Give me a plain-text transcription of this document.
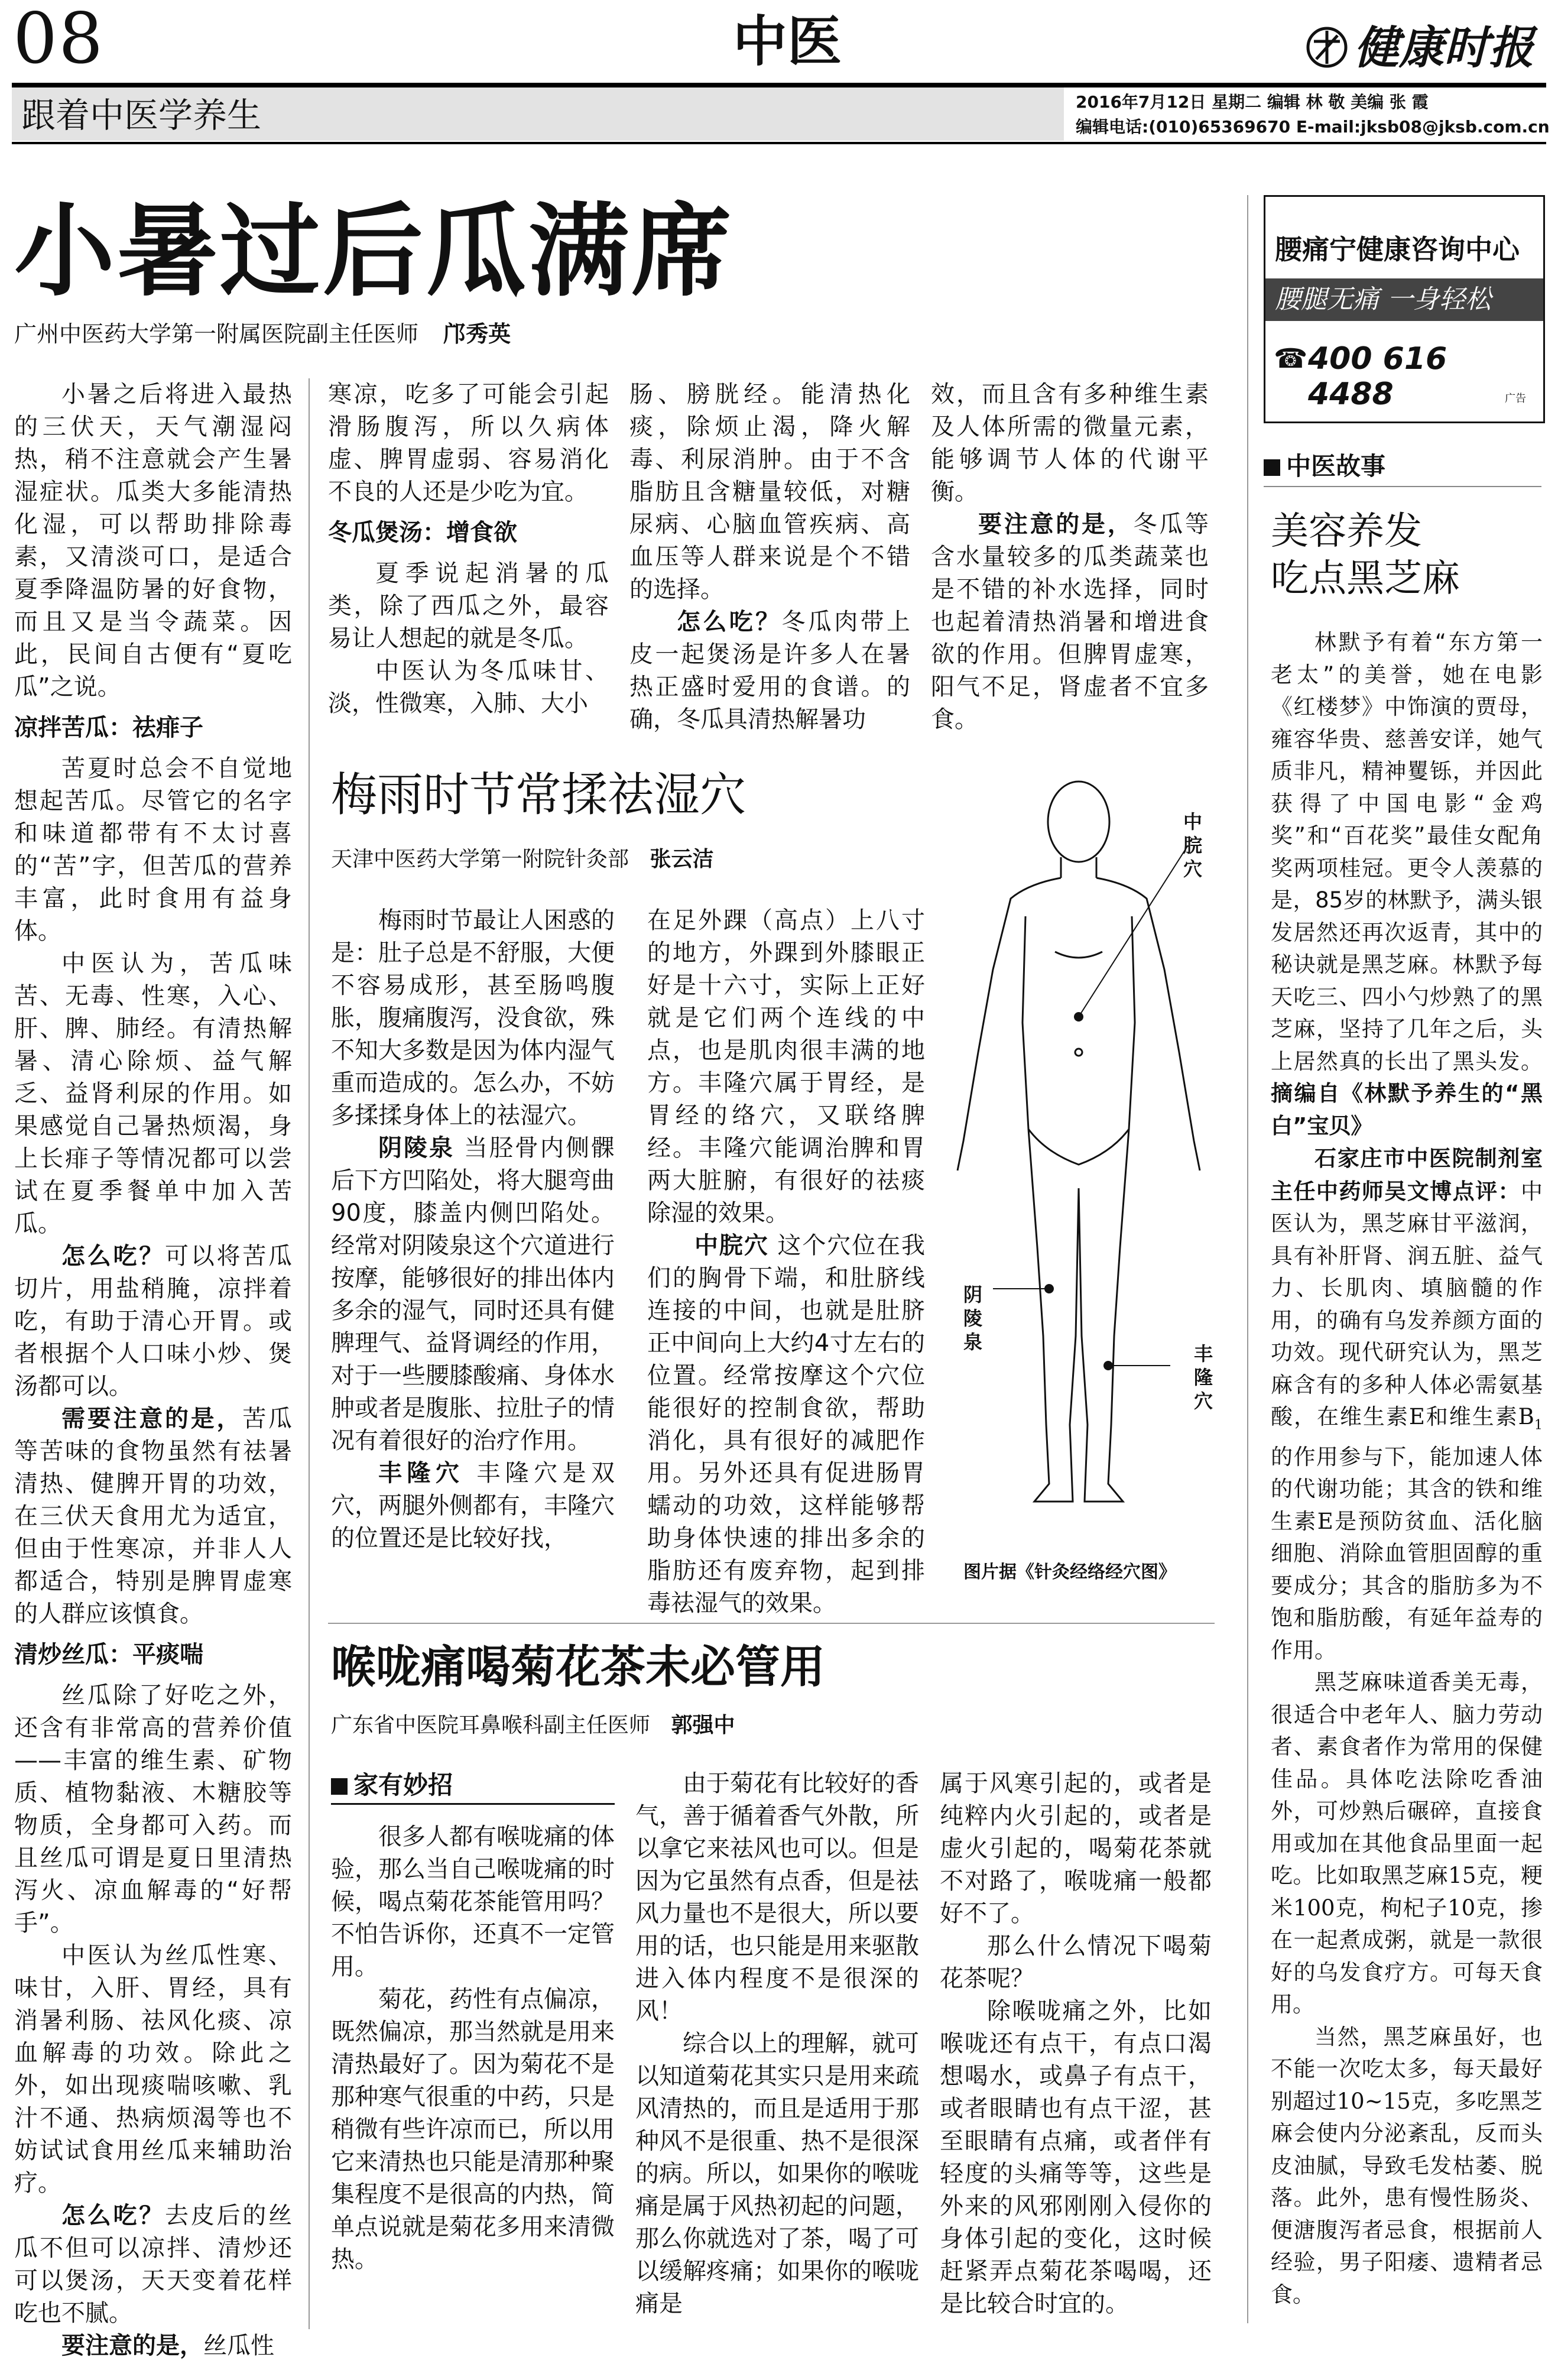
08	中医	健康时报
跟着中医学养生	2016年7月12日 星期二 编辑 林 敬 美编 张 霞
编辑电话:(010)65369670 E-mail:jksb08@jksb.com.cn
小暑过后瓜满席
广州中医药大学第一附属医院副主任医师 邝秀英

小暑之后将进入最热的三伏天，天气潮湿闷热，稍不注意就会产生暑湿症状。瓜类大多能清热化湿，可以帮助排除毒素，又清淡可口，是适合夏季降温防暑的好食物，而且又是当令蔬菜。因此，民间自古便有“夏吃瓜”之说。

凉拌苦瓜：祛痱子

苦夏时总会不自觉地想起苦瓜。尽管它的名字和味道都带有不太讨喜的“苦”字，但苦瓜的营养丰富，此时食用有益身体。

中医认为，苦瓜味苦、无毒、性寒，入心、肝、脾、肺经。有清热解暑、清心除烦、益气解乏、益肾利尿的作用。如果感觉自己暑热烦渴，身上长痱子等情况都可以尝试在夏季餐单中加入苦瓜。

怎么吃？可以将苦瓜切片，用盐稍腌，凉拌着吃，有助于清心开胃。或者根据个人口味小炒、煲汤都可以。

需要注意的是，苦瓜等苦味的食物虽然有祛暑清热、健脾开胃的功效，在三伏天食用尤为适宜，但由于性寒凉，并非人人都适合，特别是脾胃虚寒的人群应该慎食。

清炒丝瓜：平痰喘

丝瓜除了好吃之外，还含有非常高的营养价值——丰富的维生素、矿物质、植物黏液、木糖胶等物质，全身都可入药。而且丝瓜可谓是夏日里清热泻火、凉血解毒的“好帮手”。

中医认为丝瓜性寒、味甘，入肝、胃经，具有消暑利肠、祛风化痰、凉血解毒的功效。除此之外，如出现痰喘咳嗽、乳汁不通、热病烦渴等也不妨试试食用丝瓜来辅助治疗。

怎么吃？去皮后的丝瓜不但可以凉拌、清炒还可以煲汤，天天变着花样吃也不腻。

要注意的是，丝瓜性

寒凉，吃多了可能会引起滑肠腹泻，所以久病体虚、脾胃虚弱、容易消化不良的人还是少吃为宜。

冬瓜煲汤：增食欲

夏季说起消暑的瓜类，除了西瓜之外，最容易让人想起的就是冬瓜。

中医认为冬瓜味甘、淡，性微寒，入肺、大小

肠、膀胱经。能清热化痰，除烦止渴，降火解毒、利尿消肿。由于不含脂肪且含糖量较低，对糖尿病、心脑血管疾病、高血压等人群来说是个不错的选择。

怎么吃？冬瓜肉带上皮一起煲汤是许多人在暑热正盛时爱用的食谱。的确，冬瓜具清热解暑功

效，而且含有多种维生素及人体所需的微量元素，能够调节人体的代谢平衡。

要注意的是，冬瓜等含水量较多的瓜类蔬菜也是不错的补水选择，同时也起着清热消暑和增进食欲的作用。但脾胃虚寒，阳气不足，肾虚者不宜多食。

梅雨时节常揉祛湿穴
天津中医药大学第一附院针灸部 张云洁

梅雨时节最让人困惑的是：肚子总是不舒服，大便不容易成形，甚至肠鸣腹胀，腹痛腹泻，没食欲，殊不知大多数是因为体内湿气重而造成的。怎么办，不妨多揉揉身体上的祛湿穴。

阴陵泉 当胫骨内侧髁后下方凹陷处，将大腿弯曲90度，膝盖内侧凹陷处。经常对阴陵泉这个穴道进行按摩，能够很好的排出体内多余的湿气，同时还具有健脾理气、益肾调经的作用，对于一些腰膝酸痛、身体水肿或者是腹胀、拉肚子的情况有着很好的治疗作用。

丰隆穴 丰隆穴是双穴，两腿外侧都有，丰隆穴的位置还是比较好找，

在足外踝（高点）上八寸的地方，外踝到外膝眼正好是十六寸，实际上正好就是它们两个连线的中点，也是肌肉很丰满的地方。丰隆穴属于胃经，是胃经的络穴，又联络脾经。丰隆穴能调治脾和胃两大脏腑，有很好的祛痰除湿的效果。

中脘穴 这个穴位在我们的胸骨下端，和肚脐线连接的中间，也就是肚脐正中间向上大约4寸左右的位置。经常按摩这个穴位能很好的控制食欲，帮助消化，具有很好的减肥作用。另外还具有促进肠胃蠕动的功效，这样能够帮助身体快速的排出多余的脂肪还有废弃物，起到排毒祛湿气的效果。

中脘穴
阴陵泉
丰隆穴
图片据《针灸经络经穴图》
喉咙痛喝菊花茶未必管用
广东省中医院耳鼻喉科副主任医师 郭强中
家有妙招

很多人都有喉咙痛的体验，那么当自己喉咙痛的时候，喝点菊花茶能管用吗？不怕告诉你，还真不一定管用。

菊花，药性有点偏凉，既然偏凉，那当然就是用来清热最好了。因为菊花不是那种寒气很重的中药，只是稍微有些许凉而已，所以用它来清热也只能是清那种聚集程度不是很高的内热，简单点说就是菊花多用来清微热。

由于菊花有比较好的香气，善于循着香气外散，所以拿它来祛风也可以。但是因为它虽然有点香，但是祛风力量也不是很大，所以要用的话，也只能是用来驱散进入体内程度不是很深的风！

综合以上的理解，就可以知道菊花其实只是用来疏风清热的，而且是适用于那种风不是很重、热不是很深的病。所以，如果你的喉咙痛是属于风热初起的问题，那么你就选对了茶，喝了可以缓解疼痛；如果你的喉咙痛是

属于风寒引起的，或者是纯粹内火引起的，或者是虚火引起的，喝菊花茶就不对路了，喉咙痛一般都好不了。

那么什么情况下喝菊花茶呢？

除喉咙痛之外，比如喉咙还有点干，有点口渴想喝水，或鼻子有点干，或者眼睛也有点干涩，甚至眼睛有点痛，或者伴有轻度的头痛等等，这些是外来的风邪刚刚入侵你的身体引起的变化，这时候赶紧弄点菊花茶喝喝，还是比较合时宜的。

腰痛宁健康咨询中心
腰腿无痛 一身轻松
☎ 400 616 4488	广告
中医故事
美容养发
吃点黑芝麻

林默予有着“东方第一老太”的美誉，她在电影《红楼梦》中饰演的贾母，雍容华贵、慈善安详，她气质非凡，精神矍铄，并因此获得了中国电影“金鸡奖”和“百花奖”最佳女配角奖两项桂冠。更令人羡慕的是，85岁的林默予，满头银发居然还再次返青，其中的秘诀就是黑芝麻。林默予每天吃三、四小勺炒熟了的黑芝麻，坚持了几年之后，头上居然真的长出了黑头发。摘编自《林默予养生的“黑白”宝贝》

石家庄市中医院制剂室主任中药师吴文博点评：中医认为，黑芝麻甘平滋润，具有补肝肾、润五脏、益气力、长肌肉、填脑髓的作用，的确有乌发养颜方面的功效。现代研究认为，黑芝麻含有的多种人体必需氨基酸，在维生素E和维生素$B_1$的作用参与下，能加速人体的代谢功能；其含的铁和维生素E是预防贫血、活化脑细胞、消除血管胆固醇的重要成分；其含的脂肪多为不饱和脂肪酸，有延年益寿的作用。

黑芝麻味道香美无毒，很适合中老年人、脑力劳动者、素食者作为常用的保健佳品。具体吃法除吃香油外，可炒熟后碾碎，直接食用或加在其他食品里面一起吃。比如取黑芝麻15克，粳米100克，枸杞子10克，掺在一起煮成粥，就是一款很好的乌发食疗方。可每天食用。

当然，黑芝麻虽好，也不能一次吃太多，每天最好别超过10~15克，多吃黑芝麻会使内分泌紊乱，反而头皮油腻，导致毛发枯萎、脱落。此外，患有慢性肠炎、便溏腹泻者忌食，根据前人经验，男子阳痿、遗精者忌食。
